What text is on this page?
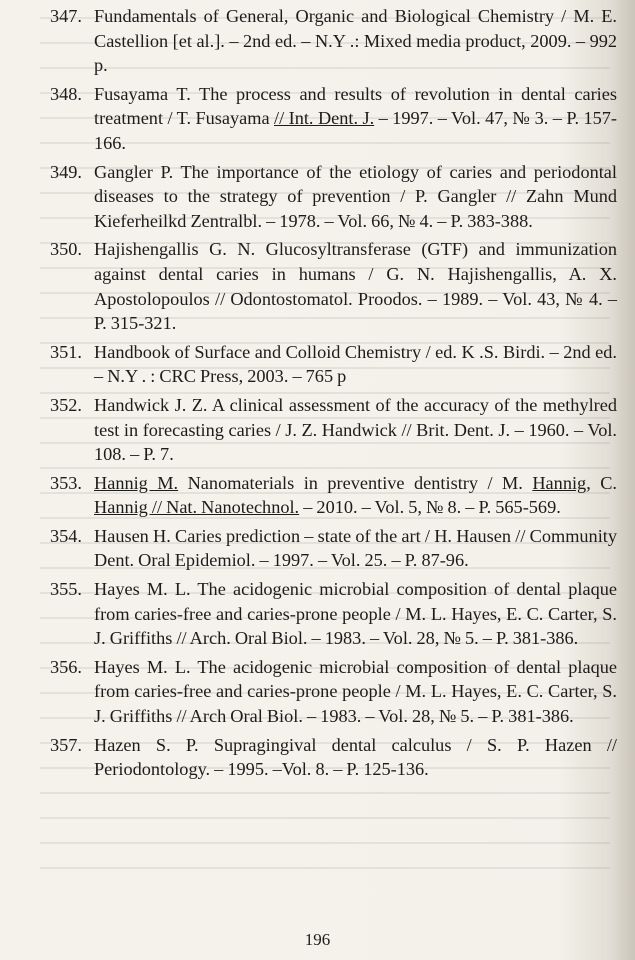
347. Fundamentals of General, Organic and Biological Chemistry / M. E. Castellion [et al.]. – 2nd ed. – N.Y .: Mixed media product, 2009. – 992 p.
348. Fusayama T. The process and results of revolution in dental caries treatment / T. Fusayama // Int. Dent. J. – 1997. – Vol. 47, № 3. – P. 157-166.
349. Gangler P. The importance of the etiology of caries and periodontal diseases to the strategy of prevention / P. Gangler // Zahn Mund Kieferheilkd Zentralbl. – 1978. – Vol. 66, № 4. – P. 383-388.
350. Hajishengallis G. N. Glucosyltransferase (GTF) and immunization against dental caries in humans / G. N. Hajishengallis, A. X. Apostolopoulos // Odontostomatol. Proodos. – 1989. – Vol. 43, № 4. – P. 315-321.
351. Handbook of Surface and Colloid Chemistry / ed. K .S. Birdi. – 2nd ed. – N.Y . : CRC Press, 2003. – 765 p
352. Handwick J. Z. A clinical assessment of the accuracy of the methylred test in forecasting caries / J. Z. Handwick // Brit. Dent. J. – 1960. – Vol. 108. – P. 7.
353. Hannig M. Nanomaterials in preventive dentistry / M. Hannig, C. Hannig // Nat. Nanotechnol. – 2010. – Vol. 5, № 8. – P. 565-569.
354. Hausen H. Caries prediction – state of the art / H. Hausen // Community Dent. Oral Epidemiol. – 1997. – Vol. 25. – P. 87-96.
355. Hayes M. L. The acidogenic microbial composition of dental plaque from caries-free and caries-prone people / M. L. Hayes, E. C. Carter, S. J. Griffiths // Arch. Oral Biol. – 1983. – Vol. 28, № 5. – P. 381-386.
356. Hayes M. L. The acidogenic microbial composition of dental plaque from caries-free and caries-prone people / M. L. Hayes, E. C. Carter, S. J. Griffiths // Arch Oral Biol. – 1983. – Vol. 28, № 5. – P. 381-386.
357. Hazen S. P. Supragingival dental calculus / S. P. Hazen // Periodontology. – 1995. –Vol. 8. – P. 125-136.
196
